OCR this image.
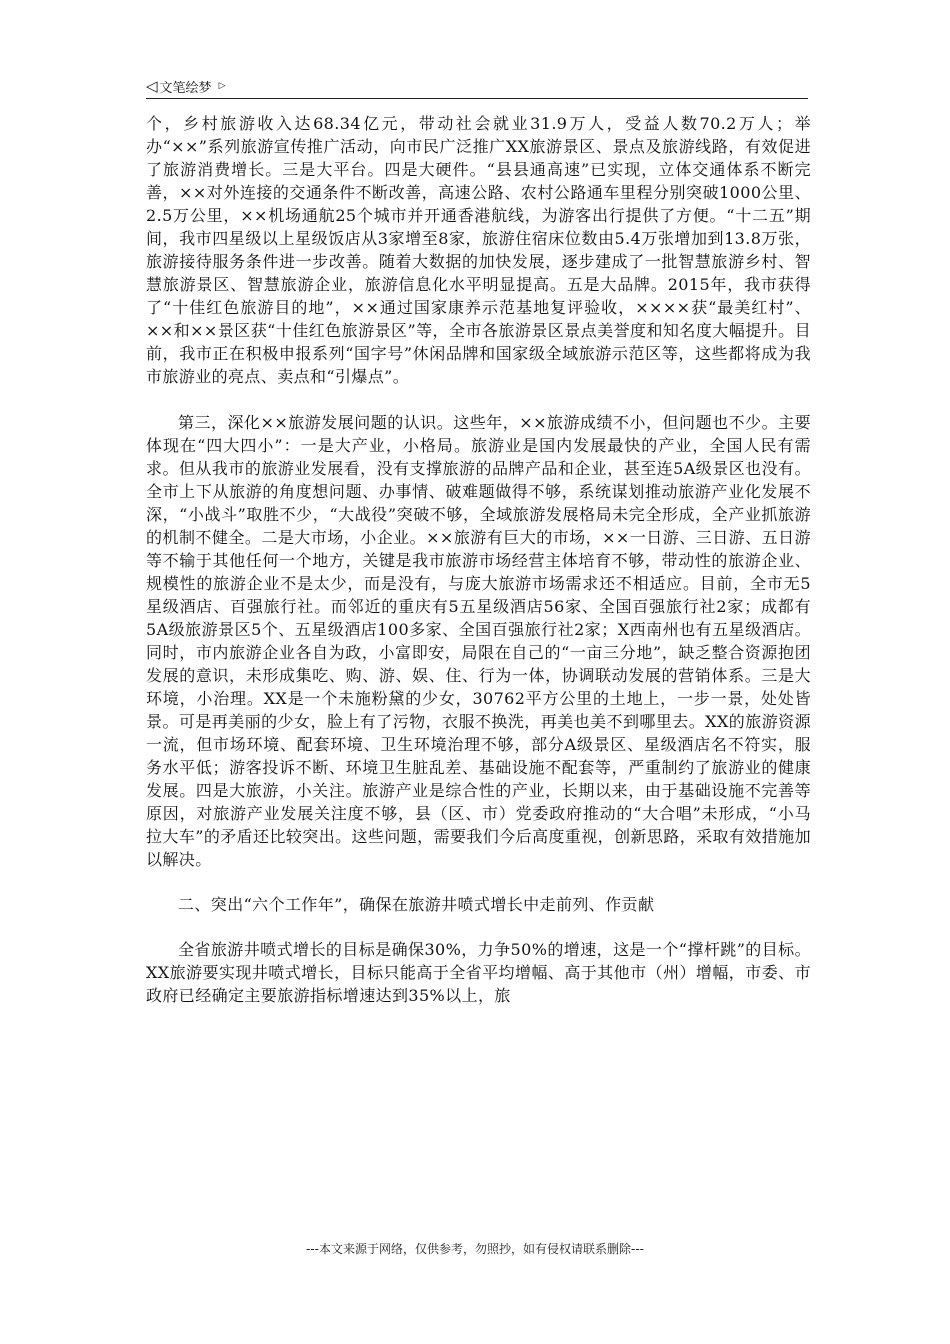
◁ 文笔绘梦 ▷

个，乡村旅游收入达68.34亿元，带动社会就业31.9万人，受益人数70.2万人；举办“××”系列旅游宣传推广活动，向市民广泛推广XX旅游景区、景点及旅游线路，有效促进了旅游消费增长。三是大平台。四是大硬件。“县县通高速”已实现，立体交通体系不断完善，××对外连接的交通条件不断改善，高速公路、农村公路通车里程分别突破1000公里、2.5万公里，××机场通航25个城市并开通香港航线，为游客出行提供了方便。“十二五”期间，我市四星级以上星级饭店从3家增至8家，旅游住宿床位数由5.4万张增加到13.8万张，旅游接待服务条件进一步改善。随着大数据的加快发展，逐步建成了一批智慧旅游乡村、智慧旅游景区、智慧旅游企业，旅游信息化水平明显提高。五是大品牌。2015年，我市获得了“十佳红色旅游目的地”，××通过国家康养示范基地复评验收，××××获“最美红村”、××和××景区获“十佳红色旅游景区”等，全市各旅游景区景点美誉度和知名度大幅提升。目前，我市正在积极申报系列“国字号”休闲品牌和国家级全域旅游示范区等，这些都将成为我市旅游业的亮点、卖点和“引爆点”。

第三，深化××旅游发展问题的认识。这些年，××旅游成绩不小，但问题也不少。主要体现在“四大四小”：一是大产业，小格局。旅游业是国内发展最快的产业，全国人民有需求。但从我市的旅游业发展看，没有支撑旅游的品牌产品和企业，甚至连5A级景区也没有。全市上下从旅游的角度想问题、办事情、破难题做得不够，系统谋划推动旅游产业化发展不深，“小战斗”取胜不少，“大战役”突破不够，全域旅游发展格局未完全形成，全产业抓旅游的机制不健全。二是大市场，小企业。××旅游有巨大的市场，××一日游、三日游、五日游等不输于其他任何一个地方，关键是我市旅游市场经营主体培育不够，带动性的旅游企业、规模性的旅游企业不是太少，而是没有，与庞大旅游市场需求还不相适应。目前，全市无5星级酒店、百强旅行社。而邻近的重庆有5五星级酒店56家、全国百强旅行社2家；成都有5A级旅游景区5个、五星级酒店100多家、全国百强旅行社2家；X西南州也有五星级酒店。同时，市内旅游企业各自为政，小富即安，局限在自己的“一亩三分地”，缺乏整合资源抱团发展的意识，未形成集吃、购、游、娱、住、行为一体，协调联动发展的营销体系。三是大环境，小治理。XX是一个未施粉黛的少女，30762平方公里的土地上，一步一景，处处皆景。可是再美丽的少女，脸上有了污物，衣服不换洗，再美也美不到哪里去。XX的旅游资源一流，但市场环境、配套环境、卫生环境治理不够，部分A级景区、星级酒店名不符实，服务水平低；游客投诉不断、环境卫生脏乱差、基础设施不配套等，严重制约了旅游业的健康发展。四是大旅游，小关注。旅游产业是综合性的产业，长期以来，由于基础设施不完善等原因，对旅游产业发展关注度不够，县（区、市）党委政府推动的“大合唱”未形成，“小马拉大车”的矛盾还比较突出。这些问题，需要我们今后高度重视，创新思路，采取有效措施加以解决。

二、突出“六个工作年”，确保在旅游井喷式增长中走前列、作贡献

全省旅游井喷式增长的目标是确保30%，力争50%的增速，这是一个“撑杆跳”的目标。XX旅游要实现井喷式增长，目标只能高于全省平均增幅、高于其他市（州）增幅，市委、市政府已经确定主要旅游指标增速达到35%以上，旅

---本文来源于网络，仅供参考，勿照抄，如有侵权请联系删除---
